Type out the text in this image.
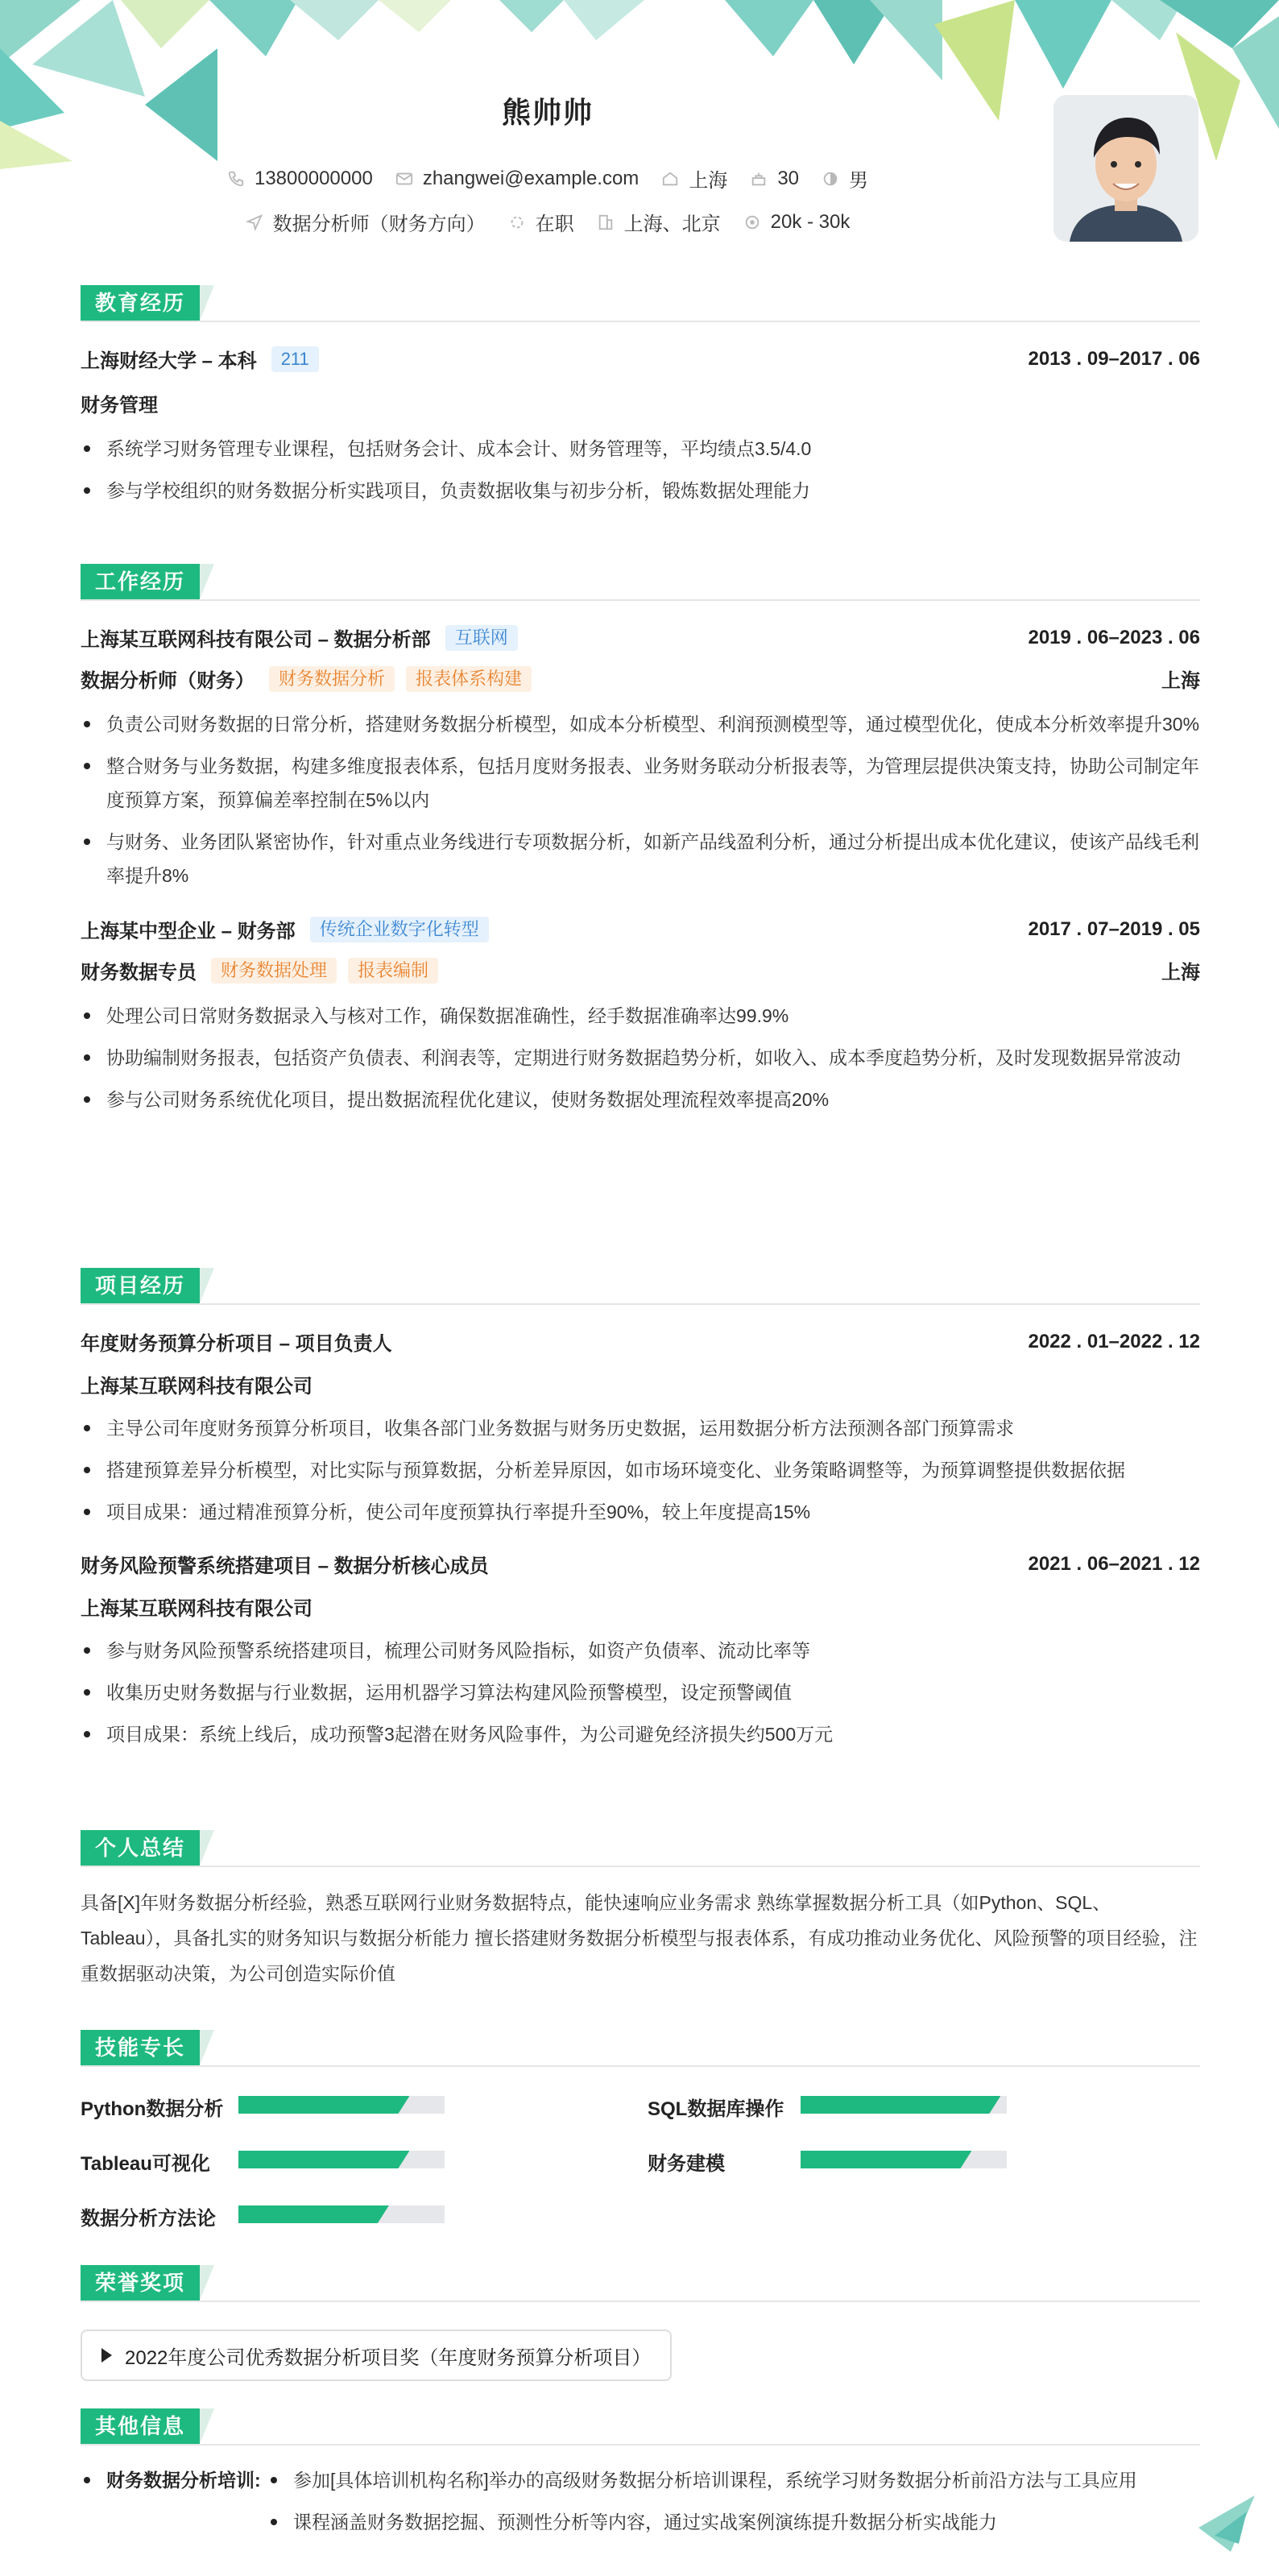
熊帅帅
13800000000	zhangwei@example.com	上海	30	男
数据分析师（财务方向）	在职	上海、北京	20k - 30k
教育经历
上海财经大学 – 本科	211	2013 . 09–2017 . 06
财务管理
系统学习财务管理专业课程，包括财务会计、成本会计、财务管理等，平均绩点3.5/4.0
参与学校组织的财务数据分析实践项目，负责数据收集与初步分析，锻炼数据处理能力
工作经历
上海某互联网科技有限公司 – 数据分析部	互联网	2019 . 06–2023 . 06
数据分析师（财务）	财务数据分析	报表体系构建	上海
负责公司财务数据的日常分析，搭建财务数据分析模型，如成本分析模型、利润预测模型等，通过模型优化，使成本分析效率提升30%
整合财务与业务数据，构建多维度报表体系，包括月度财务报表、业务财务联动分析报表等，为管理层提供决策支持，协助公司制定年度预算方案，预算偏差率控制在5%以内
与财务、业务团队紧密协作，针对重点业务线进行专项数据分析，如新产品线盈利分析，通过分析提出成本优化建议，使该产品线毛利率提升8%
上海某中型企业 – 财务部	传统企业数字化转型	2017 . 07–2019 . 05
财务数据专员	财务数据处理	报表编制	上海
处理公司日常财务数据录入与核对工作，确保数据准确性，经手数据准确率达99.9%
协助编制财务报表，包括资产负债表、利润表等，定期进行财务数据趋势分析，如收入、成本季度趋势分析，及时发现数据异常波动
参与公司财务系统优化项目，提出数据流程优化建议，使财务数据处理流程效率提高20%
项目经历
年度财务预算分析项目 – 项目负责人	2022 . 01–2022 . 12
上海某互联网科技有限公司
主导公司年度财务预算分析项目，收集各部门业务数据与财务历史数据，运用数据分析方法预测各部门预算需求
搭建预算差异分析模型，对比实际与预算数据，分析差异原因，如市场环境变化、业务策略调整等，为预算调整提供数据依据
项目成果：通过精准预算分析，使公司年度预算执行率提升至90%，较上年度提高15%
财务风险预警系统搭建项目 – 数据分析核心成员	2021 . 06–2021 . 12
上海某互联网科技有限公司
参与财务风险预警系统搭建项目，梳理公司财务风险指标，如资产负债率、流动比率等
收集历史财务数据与行业数据，运用机器学习算法构建风险预警模型，设定预警阈值
项目成果：系统上线后，成功预警3起潜在财务风险事件，为公司避免经济损失约500万元
个人总结
具备[X]年财务数据分析经验，熟悉互联网行业财务数据特点，能快速响应业务需求 熟练掌握数据分析工具（如Python、SQL、Tableau），具备扎实的财务知识与数据分析能力 擅长搭建财务数据分析模型与报表体系，有成功推动业务优化、风险预警的项目经验，注重数据驱动决策，为公司创造实际价值
技能专长
Python数据分析	SQL数据库操作
Tableau可视化	财务建模
数据分析方法论
荣誉奖项
2022年度公司优秀数据分析项目奖（年度财务预算分析项目）
其他信息
财务数据分析培训:	参加[具体培训机构名称]举办的高级财务数据分析培训课程，系统学习财务数据分析前沿方法与工具应用
课程涵盖财务数据挖掘、预测性分析等内容，通过实战案例演练提升数据分析实战能力
